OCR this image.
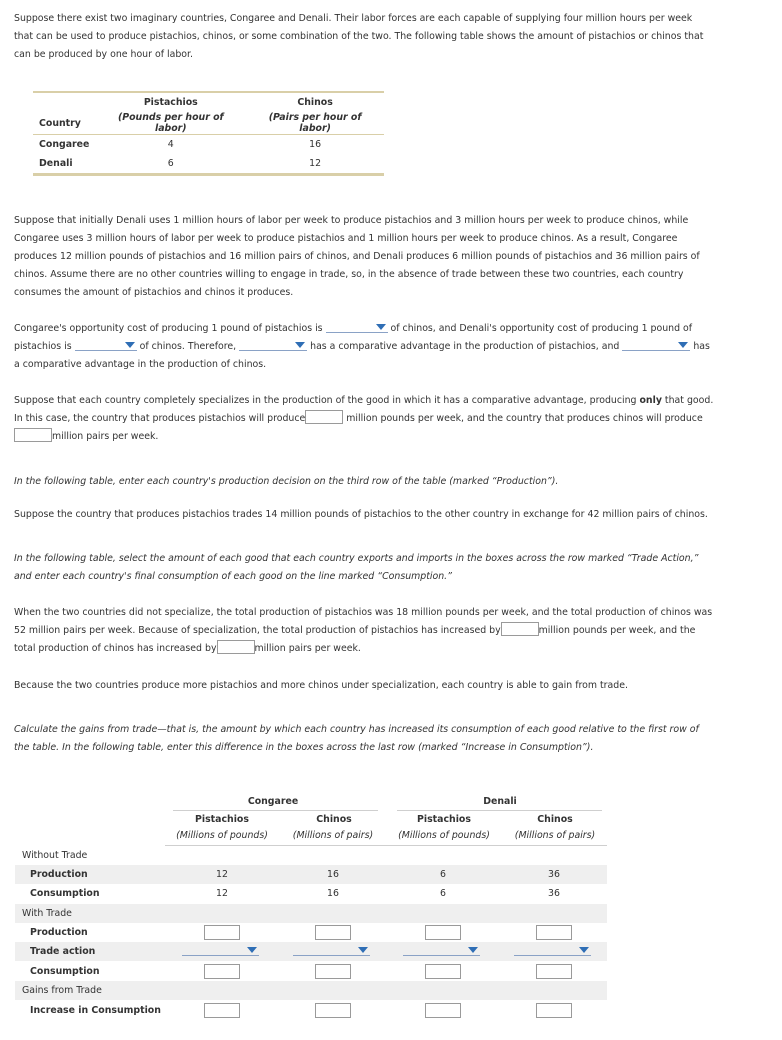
Suppose there exist two imaginary countries, Congaree and Denali. Their labor forces are each capable of supplying four million hours per week that can be used to produce pistachios, chinos, or some combination of the two. The following table shows the amount of pistachios or chinos that can be produced by one hour of labor.

	Pistachios	Chinos
Country	(Pounds per hour of labor)	(Pairs per hour of labor)
Congaree	4	16
Denali	6	12

Suppose that initially Denali uses 1 million hours of labor per week to produce pistachios and 3 million hours per week to produce chinos, while Congaree uses 3 million hours of labor per week to produce pistachios and 1 million hours per week to produce chinos. As a result, Congaree produces 12 million pounds of pistachios and 16 million pairs of chinos, and Denali produces 6 million pounds of pistachios and 36 million pairs of chinos. Assume there are no other countries willing to engage in trade, so, in the absence of trade between these two countries, each country consumes the amount of pistachios and chinos it produces.

Congaree's opportunity cost of producing 1 pound of pistachios is	of chinos, and Denali's opportunity cost of producing 1 pound of pistachios is	of chinos. Therefore,	has a comparative advantage in the production of pistachios, and	has a comparative advantage in the production of chinos.

Suppose that each country completely specializes in the production of the good in which it has a comparative advantage, producing only that good. In this case, the country that produces pistachios will produce	million pounds per week, and the country that produces chinos will produce million pairs per week.

In the following table, enter each country's production decision on the third row of the table (marked “Production”).

Suppose the country that produces pistachios trades 14 million pounds of pistachios to the other country in exchange for 42 million pairs of chinos.

In the following table, select the amount of each good that each country exports and imports in the boxes across the row marked “Trade Action,” and enter each country's final consumption of each good on the line marked “Consumption.”

When the two countries did not specialize, the total production of pistachios was 18 million pounds per week, and the total production of chinos was 52 million pairs per week. Because of specialization, the total production of pistachios has increased by	million pounds per week, and the total production of chinos has increased by	million pairs per week.

Because the two countries produce more pistachios and more chinos under specialization, each country is able to gain from trade.

Calculate the gains from trade—that is, the amount by which each country has increased its consumption of each good relative to the first row of the table. In the following table, enter this difference in the boxes across the last row (marked “Increase in Consumption”).

Congaree	Denali
Pistachios	Chinos	Pistachios	Chinos
(Millions of pounds)	(Millions of pairs)	(Millions of pounds)	(Millions of pairs)
Without Trade
Production	12	16	6	36
Consumption	12	16	6	36
With Trade
Production
Trade action
Consumption
Gains from Trade
Increase in Consumption
